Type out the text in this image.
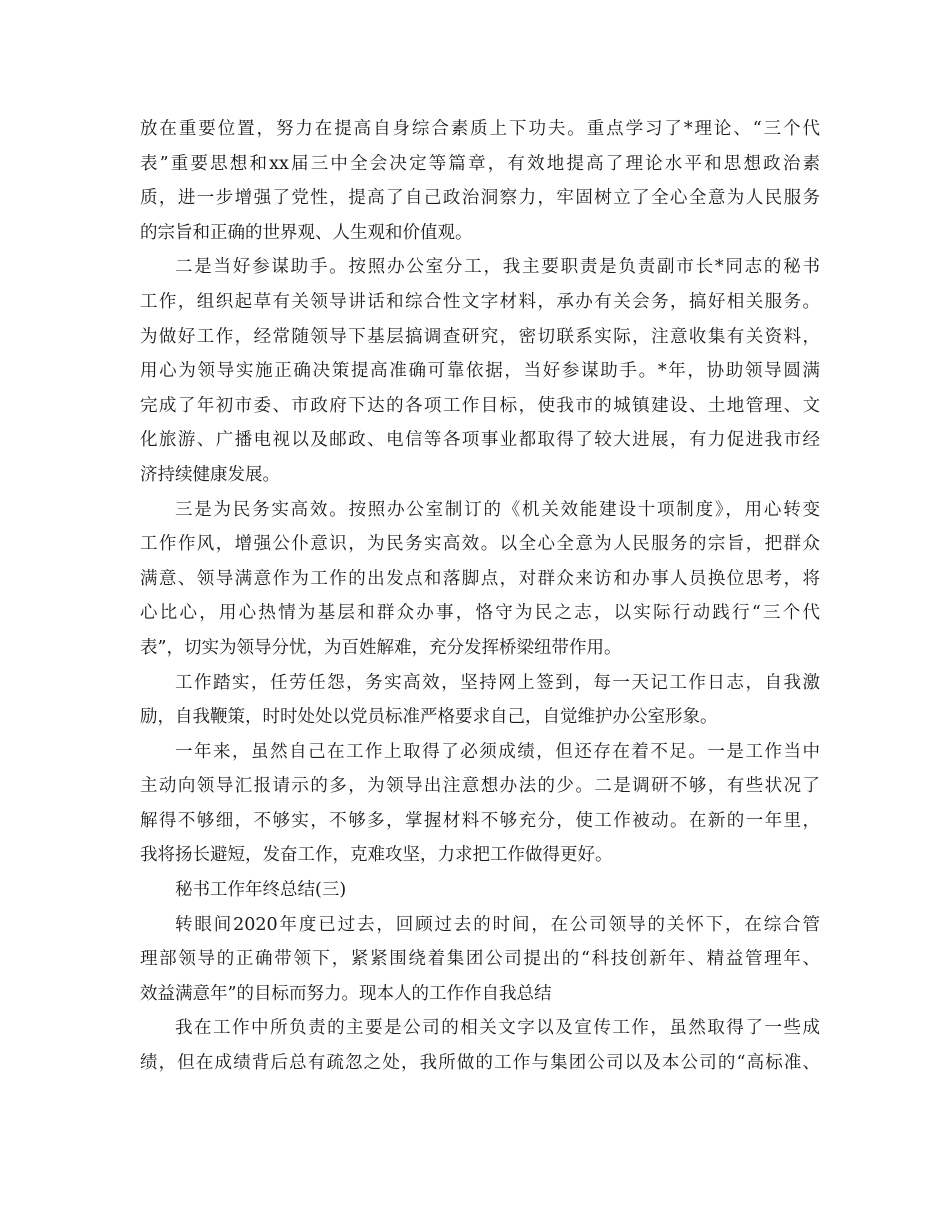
放在重要位置，努力在提高自身综合素质上下功夫。重点学习了*理论、“三个代
表”重要思想和xx届三中全会决定等篇章，有效地提高了理论水平和思想政治素
质，进一步增强了党性，提高了自己政治洞察力，牢固树立了全心全意为人民服务
的宗旨和正确的世界观、人生观和价值观。
二是当好参谋助手。按照办公室分工，我主要职责是负责副市长*同志的秘书
工作，组织起草有关领导讲话和综合性文字材料，承办有关会务，搞好相关服务。
为做好工作，经常随领导下基层搞调查研究，密切联系实际，注意收集有关资料，
用心为领导实施正确决策提高准确可靠依据，当好参谋助手。*年，协助领导圆满
完成了年初市委、市政府下达的各项工作目标，使我市的城镇建设、土地管理、文
化旅游、广播电视以及邮政、电信等各项事业都取得了较大进展，有力促进我市经
济持续健康发展。
三是为民务实高效。按照办公室制订的《机关效能建设十项制度》，用心转变
工作作风，增强公仆意识，为民务实高效。以全心全意为人民服务的宗旨，把群众
满意、领导满意作为工作的出发点和落脚点，对群众来访和办事人员换位思考，将
心比心，用心热情为基层和群众办事，恪守为民之志，以实际行动践行“三个代
表”，切实为领导分忧，为百姓解难，充分发挥桥梁纽带作用。
工作踏实，任劳任怨，务实高效，坚持网上签到，每一天记工作日志，自我激
励，自我鞭策，时时处处以党员标准严格要求自己，自觉维护办公室形象。
一年来，虽然自己在工作上取得了必须成绩，但还存在着不足。一是工作当中
主动向领导汇报请示的多，为领导出注意想办法的少。二是调研不够，有些状况了
解得不够细，不够实，不够多，掌握材料不够充分，使工作被动。在新的一年里，
我将扬长避短，发奋工作，克难攻坚，力求把工作做得更好。
秘书工作年终总结(三)
转眼间2020年度已过去，回顾过去的时间，在公司领导的关怀下，在综合管
理部领导的正确带领下，紧紧围绕着集团公司提出的“科技创新年、精益管理年、
效益满意年”的目标而努力。现本人的工作作自我总结
我在工作中所负责的主要是公司的相关文字以及宣传工作，虽然取得了一些成
绩，但在成绩背后总有疏忽之处，我所做的工作与集团公司以及本公司的“高标准、
